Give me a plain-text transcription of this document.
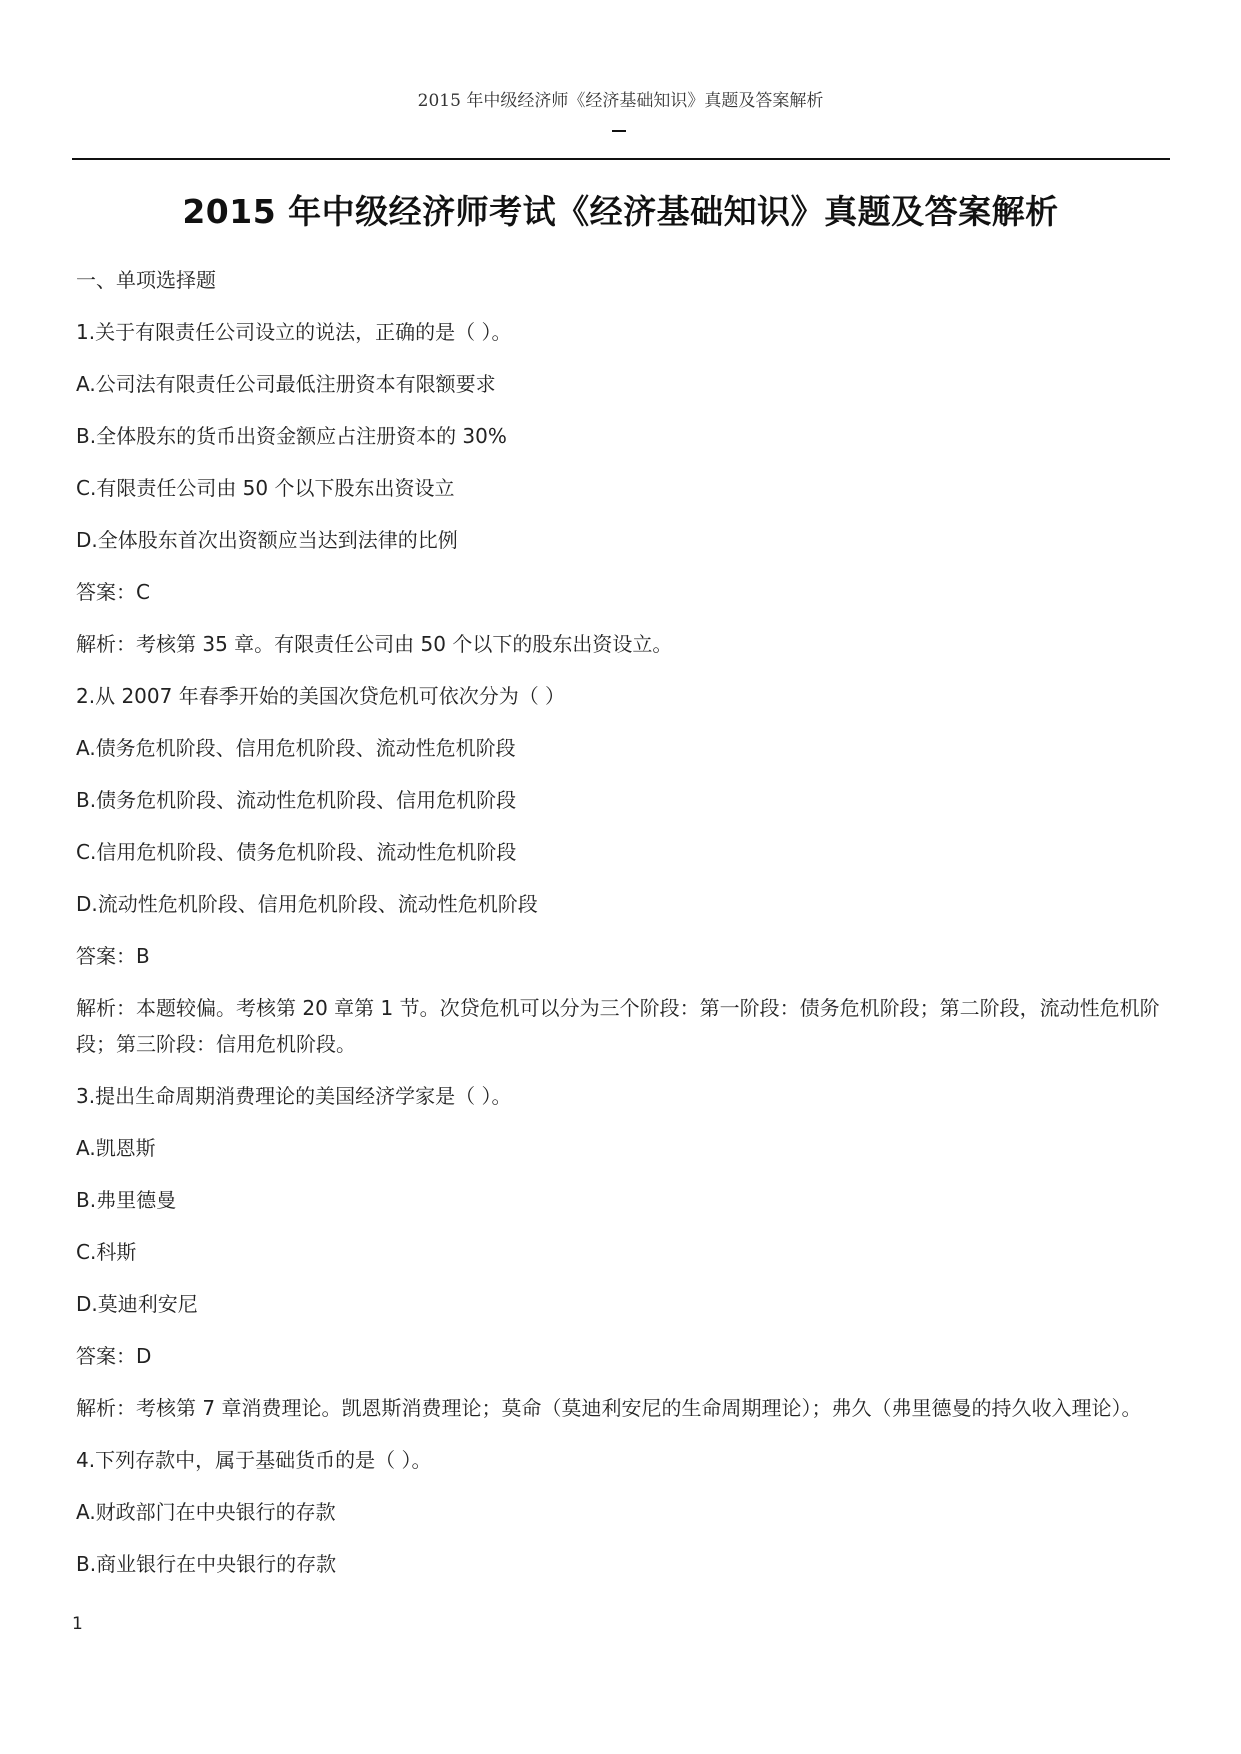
2015 年中级经济师《经济基础知识》真题及答案解析
2015 年中级经济师考试《经济基础知识》真题及答案解析

一、单项选择题

1.关于有限责任公司设立的说法，正确的是（ ）。

A.公司法有限责任公司最低注册资本有限额要求

B.全体股东的货币出资金额应占注册资本的 30%

C.有限责任公司由 50 个以下股东出资设立

D.全体股东首次出资额应当达到法律的比例

答案：C

解析：考核第 35 章。有限责任公司由 50 个以下的股东出资设立。

2.从 2007 年春季开始的美国次贷危机可依次分为（ ）

A.债务危机阶段、信用危机阶段、流动性危机阶段

B.债务危机阶段、流动性危机阶段、信用危机阶段

C.信用危机阶段、债务危机阶段、流动性危机阶段

D.流动性危机阶段、信用危机阶段、流动性危机阶段

答案：B

解析：本题较偏。考核第 20 章第 1 节。次贷危机可以分为三个阶段：第一阶段：债务危机阶段；第二阶段，流动性危机阶段；第三阶段：信用危机阶段。

3.提出生命周期消费理论的美国经济学家是（ ）。

A.凯恩斯

B.弗里德曼

C.科斯

D.莫迪利安尼

答案：D

解析：考核第 7 章消费理论。凯恩斯消费理论；莫命（莫迪利安尼的生命周期理论）；弗久（弗里德曼的持久收入理论）。

4.下列存款中，属于基础货币的是（ ）。

A.财政部门在中央银行的存款

B.商业银行在中央银行的存款

1
